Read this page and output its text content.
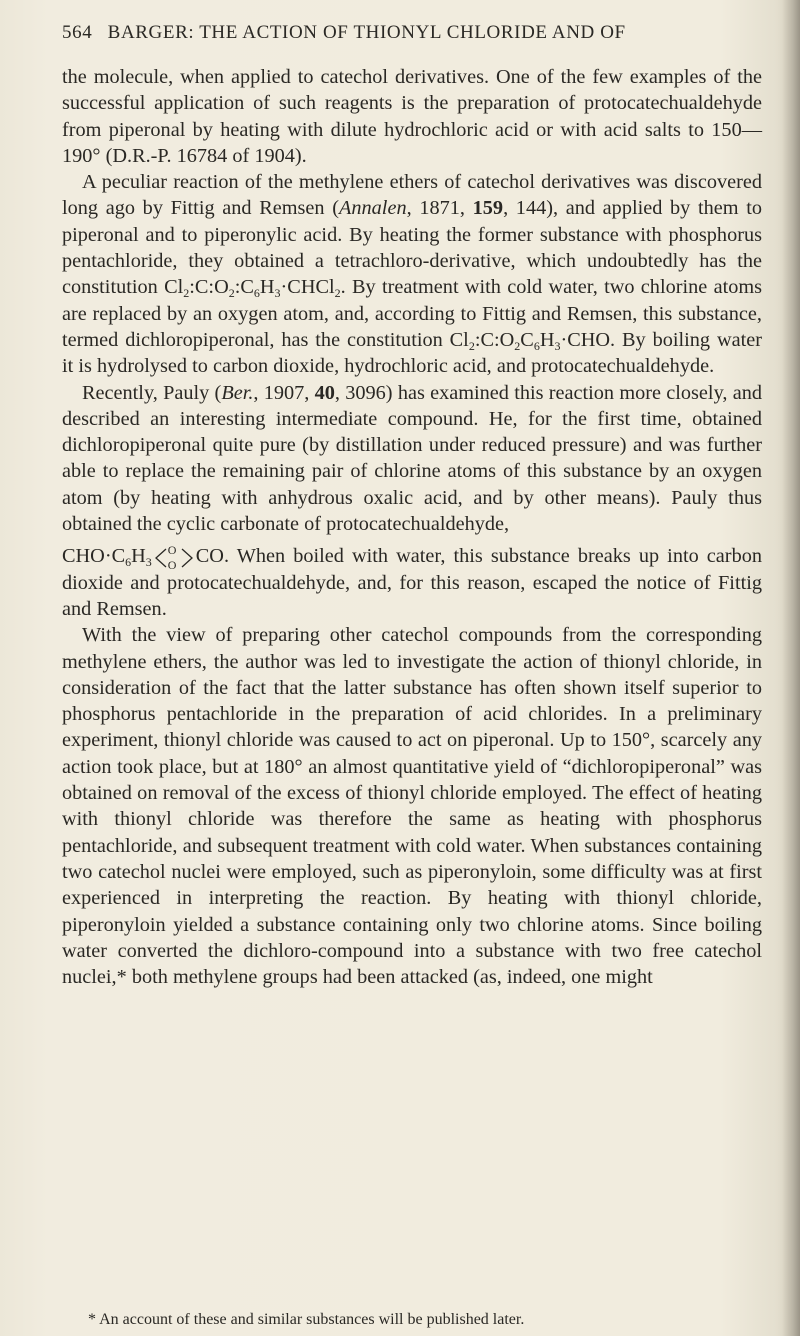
564 BARGER: THE ACTION OF THIONYL CHLORIDE AND OF

the molecule, when applied to catechol derivatives. One of the few examples of the successful application of such reagents is the preparation of protocatechualdehyde from piperonal by heating with dilute hydrochloric acid or with acid salts to 150—190° (D.R.-P. 16784 of 1904).

A peculiar reaction of the methylene ethers of catechol derivatives was discovered long ago by Fittig and Remsen (Annalen, 1871, 159, 144), and applied by them to piperonal and to piperonylic acid. By heating the former substance with phosphorus pentachloride, they obtained a tetrachloro-derivative, which undoubtedly has the constitution $Cl_2:C:O_2:C_6H_3\cdot CHCl_2$. By treatment with cold water, two chlorine atoms are replaced by an oxygen atom, and, according to Fittig and Remsen, this substance, termed dichloropiperonal, has the constitution $Cl_2:C:O_2C_6H_3\cdot CHO$. By boiling water it is hydrolysed to carbon dioxide, hydrochloric acid, and protocatechualdehyde.

Recently, Pauly (Ber., 1907, 40, 3096) has examined this reaction more closely, and described an interesting intermediate compound. He, for the first time, obtained dichloropiperonal quite pure (by distillation under reduced pressure) and was further able to replace the remaining pair of chlorine atoms of this substance by an oxygen atom (by heating with anhydrous oxalic acid, and by other means). Pauly thus obtained the cyclic carbonate of protocatechualdehyde,

$CHO\cdot C_6H_3$
O
O CO. When boiled with water, this substance breaks up into carbon dioxide and protocatechualdehyde, and, for this reason, escaped the notice of Fittig and Remsen.

With the view of preparing other catechol compounds from the corresponding methylene ethers, the author was led to investigate the action of thionyl chloride, in consideration of the fact that the latter substance has often shown itself superior to phosphorus pentachloride in the preparation of acid chlorides. In a preliminary experiment, thionyl chloride was caused to act on piperonal. Up to 150°, scarcely any action took place, but at 180° an almost quantitative yield of “dichloropiperonal” was obtained on removal of the excess of thionyl chloride employed. The effect of heating with thionyl chloride was therefore the same as heating with phosphorus pentachloride, and subsequent treatment with cold water. When substances containing two catechol nuclei were employed, such as piperonyloin, some difficulty was at first experienced in interpreting the reaction. By heating with thionyl chloride, piperonyloin yielded a substance containing only two chlorine atoms. Since boiling water converted the dichloro-compound into a substance with two free catechol nuclei,* both methylene groups had been attacked (as, indeed, one might

* An account of these and similar substances will be published later.
